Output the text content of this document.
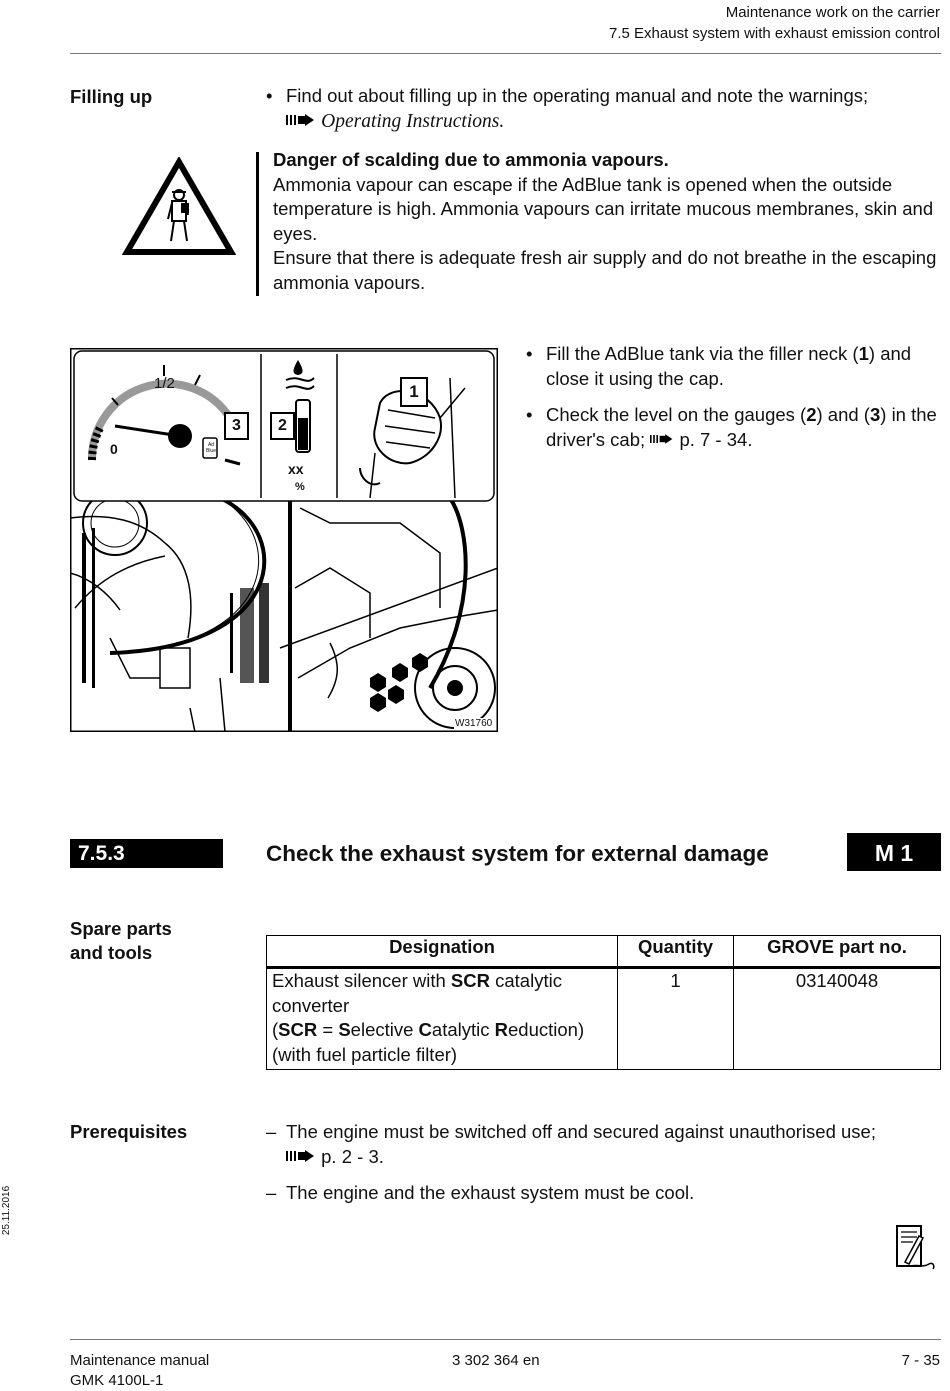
Maintenance work on the carrier
7.5 Exhaust system with exhaust emission control
Filling up	• Find out about filling up in the operating manual and note the warnings;
Operating Instructions.
Danger of scalding due to ammonia vapours.
Ammonia vapour can escape if the AdBlue tank is opened when the outside temperature is high. Ammonia vapours can irritate mucous membranes, skin and eyes.
Ensure that there is adequate fresh air supply and do not breathe in the escaping ammonia vapours.
1/2
0	Ad Blue
3	2
1
xx
%
W31760
• Fill the AdBlue tank via the filler neck (1) and close it using the cap.
• Check the level on the gauges (2) and (3) in the driver's cab; p. 7 - 34.
7.5.3	Check the exhaust system for external damage	M 1
Spare parts
and tools	Designation	Quantity	GROVE part no.
Exhaust silencer with SCR catalytic converter
(SCR = Selective Catalytic Reduction)
(with fuel particle filter)	1	03140048
Prerequisites	– The engine must be switched off and secured against unauthorised use;
p. 2 - 3.
– The engine and the exhaust system must be cool.
25.11.2016
Maintenance manual
GMK 4100L-1
3 302 364 en	7 - 35
